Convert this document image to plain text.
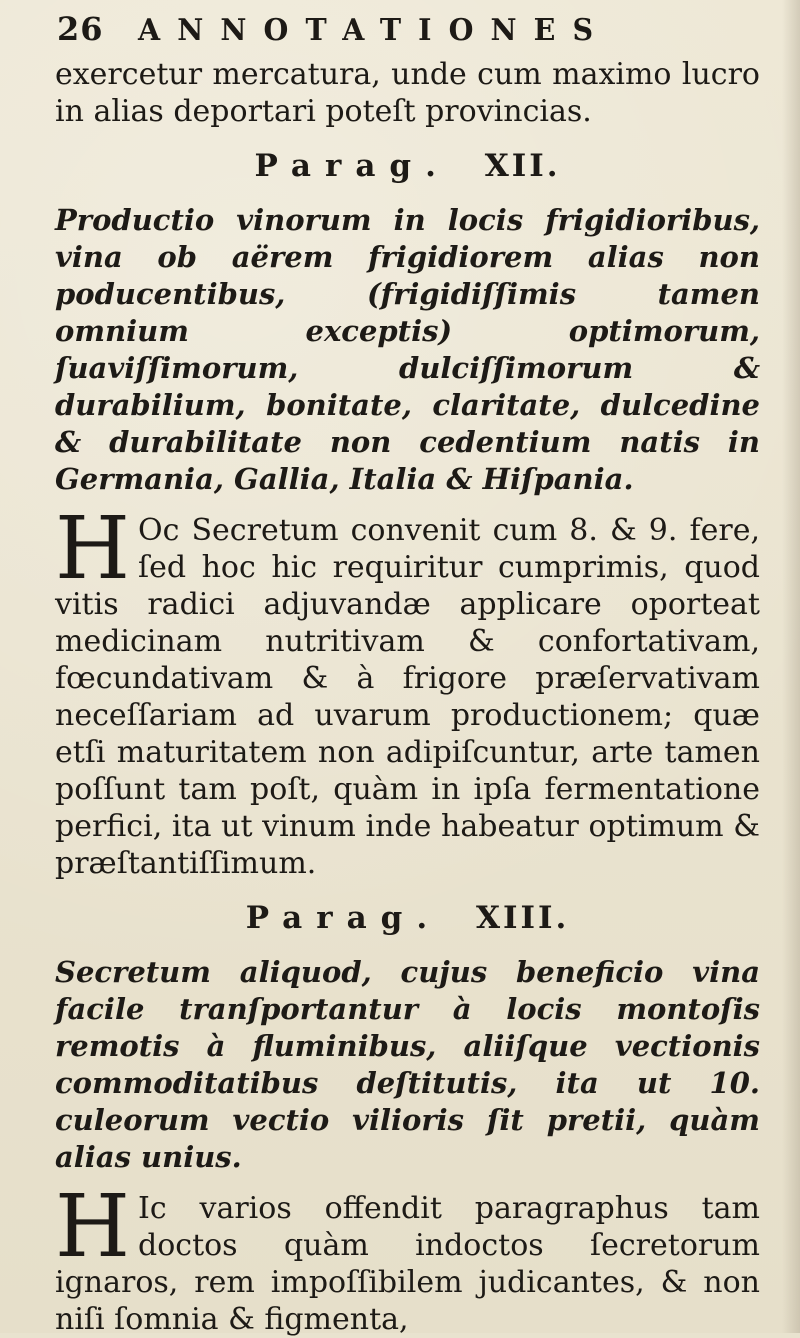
26 ANNOTATIONES

exercetur mercatura, unde cum maximo lucro in alias deportari poteſt provincias.

Parag. XII.

Productio vinorum in locis frigidioribus, vina ob aërem frigidiorem alias non poducentibus, (frigidiſſimis tamen omnium exceptis) optimorum, ſuaviſſimorum, dulciſſimorum & durabilium, bonitate, claritate, dulcedine & durabilitate non cedentium natis in Germania, Gallia, Italia & Hiſpania.

H Oc Secretum convenit cum 8. & 9. fere, ſed hoc hic requiritur cumprimis, quod vitis radici adjuvandæ applicare oporteat medicinam nutritivam & confortativam, fœcundativam & à frigore præſervativam neceſſariam ad uvarum productionem; quæ etſi maturitatem non adipiſcuntur, arte tamen poſſunt tam poſt, quàm in ipſa fermentatione perfici, ita ut vinum inde habeatur optimum & præſtantiſſimum.

Parag. XIII.

Secretum aliquod, cujus beneficio vina facile tranſportantur à locis montoſis remotis à fluminibus, aliiſque vectionis commoditatibus deſtitutis, ita ut 10. culeorum vectio vilioris ſit pretii, quàm alias unius.

H Ic varios offendit paragraphus tam doctos quàm indoctos ſecretorum ignaros, rem impoſſibilem judicantes, & non niſi ſomnia & figmenta,
